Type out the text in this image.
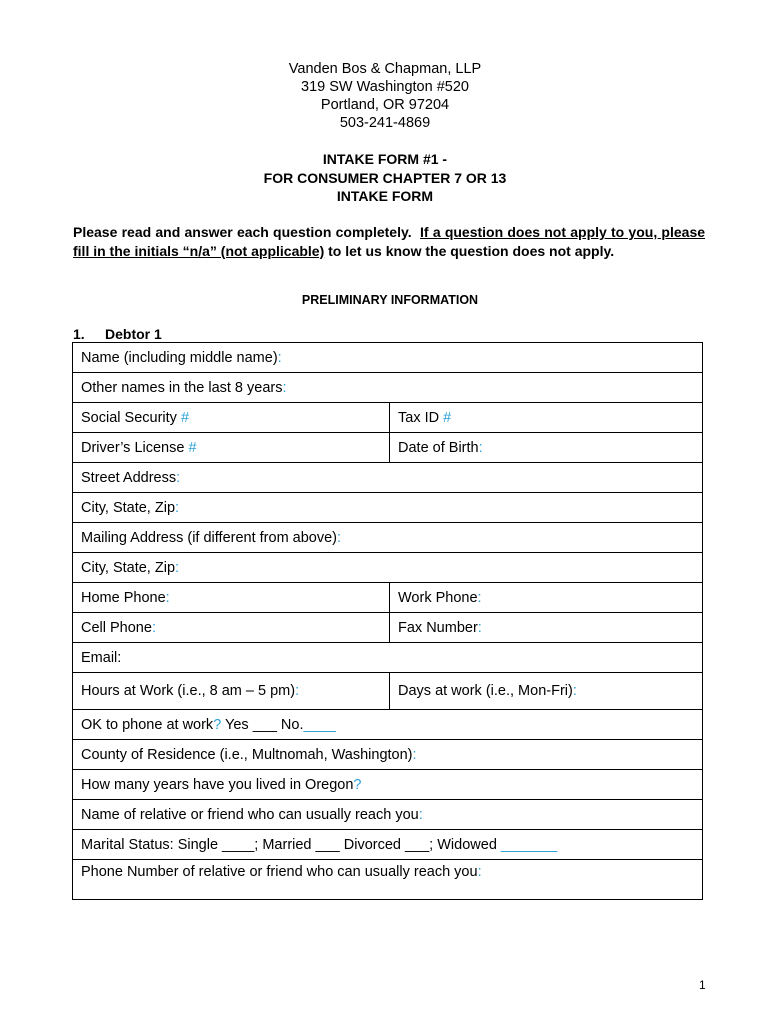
Vanden Bos & Chapman, LLP
319 SW Washington #520
Portland, OR 97204
503-241-4869
INTAKE FORM #1 -
FOR CONSUMER CHAPTER 7 OR 13
INTAKE FORM
Please read and answer each question completely. If a question does not apply to you, please fill in the initials “n/a” (not applicable) to let us know the question does not apply.
PRELIMINARY INFORMATION
1. Debtor 1
Name (including middle name):	
Other names in the last 8 years:	
Social Security #	Tax ID #
Driver’s License #	Date of Birth:
Street Address:	
City, State, Zip:	
Mailing Address (if different from above):	
City, State, Zip:	
Home Phone:	Work Phone:
Cell Phone:	Fax Number:
Email:	
Hours at Work (i.e., 8 am – 5 pm):	Days at work (i.e., Mon-Fri):
OK to phone at work? Yes ___ No.____	
County of Residence (i.e., Multnomah, Washington):	
How many years have you lived in Oregon?	
Name of relative or friend who can usually reach you:	
Marital Status: Single ____; Married ___ Divorced ___; Widowed _______	
Phone Number of relative or friend who can usually reach you:	
1
